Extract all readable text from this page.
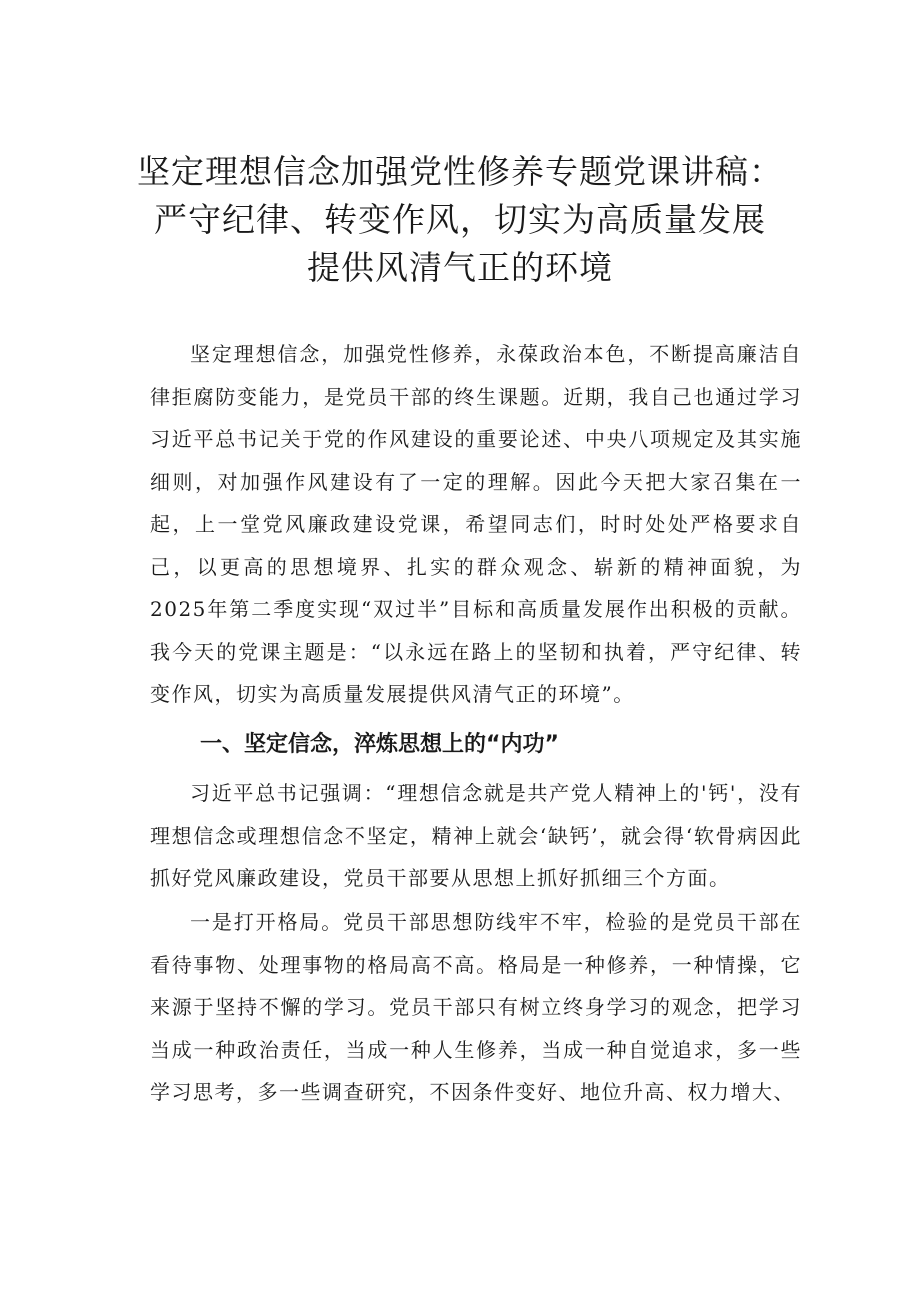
坚定理想信念加强党性修养专题党课讲稿：
严守纪律、转变作风，切实为高质量发展
提供风清气正的环境

坚定理想信念，加强党性修养，永葆政治本色，不断提高廉洁自律拒腐防变能力，是党员干部的终生课题。近期，我自己也通过学习习近平总书记关于党的作风建设的重要论述、中央八项规定及其实施细则，对加强作风建设有了一定的理解。因此今天把大家召集在一起，上一堂党风廉政建设党课，希望同志们，时时处处严格要求自己，以更高的思想境界、扎实的群众观念、崭新的精神面貌，为2025年第二季度实现“双过半”目标和高质量发展作出积极的贡献。我今天的党课主题是：“以永远在路上的坚韧和执着，严守纪律、转变作风，切实为高质量发展提供风清气正的环境”。

一、坚定信念，淬炼思想上的“内功”

习近平总书记强调：“理想信念就是共产党人精神上的'钙'，没有理想信念或理想信念不坚定，精神上就会‘缺钙’，就会得‘软骨病因此抓好党风廉政建设，党员干部要从思想上抓好抓细三个方面。

一是打开格局。党员干部思想防线牢不牢，检验的是党员干部在看待事物、处理事物的格局高不高。格局是一种修养，一种情操，它来源于坚持不懈的学习。党员干部只有树立终身学习的观念，把学习当成一种政治责任，当成一种人生修养，当成一种自觉追求，多一些学习思考，多一些调查研究，不因条件变好、地位升高、权力增大、
